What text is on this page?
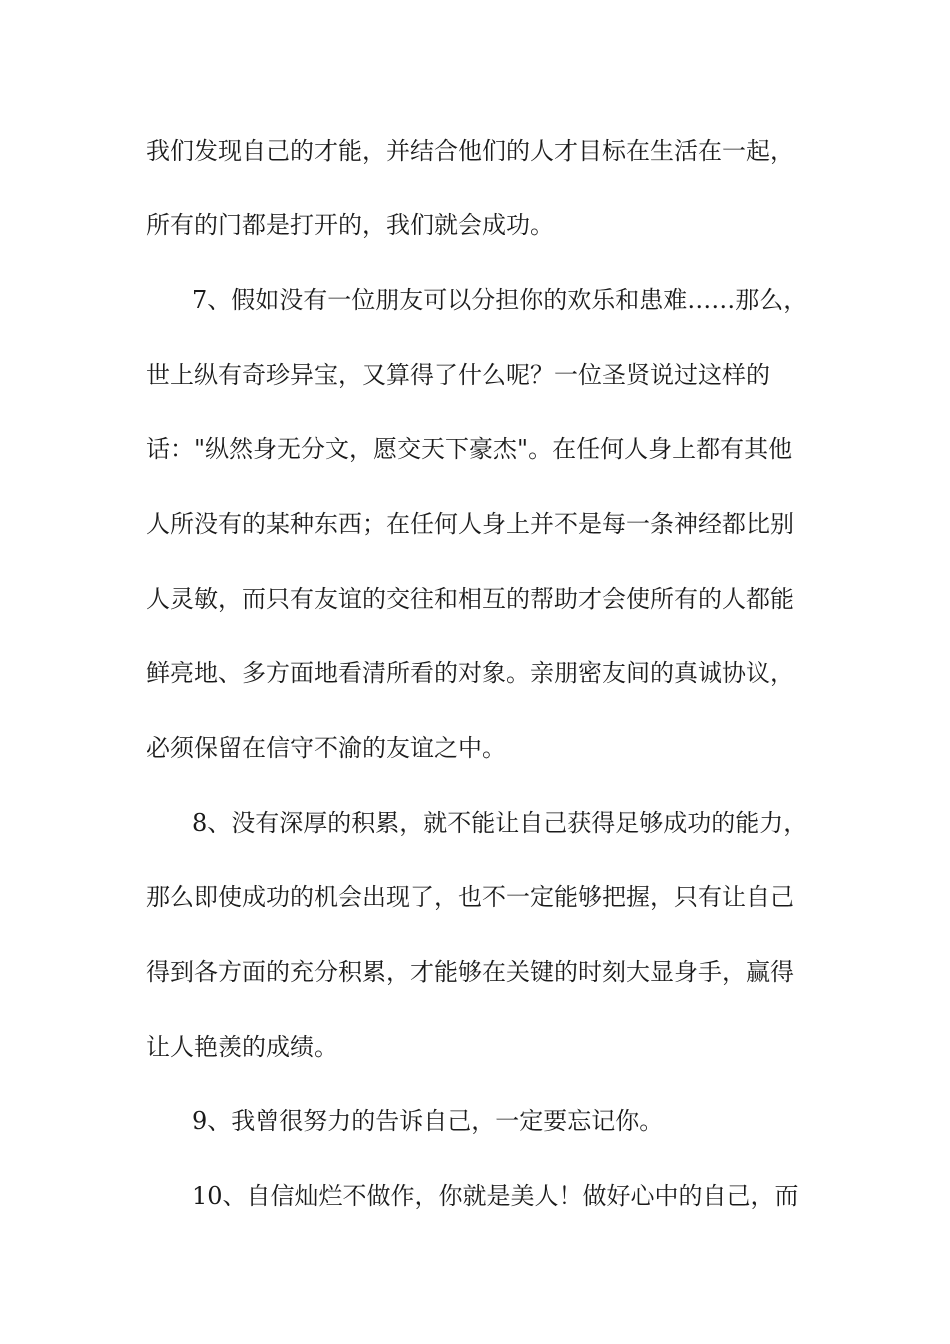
我们发现自己的才能，并结合他们的人才目标在生活在一起，
所有的门都是打开的，我们就会成功。
7、假如没有一位朋友可以分担你的欢乐和患难……那么，
世上纵有奇珍异宝，又算得了什么呢？一位圣贤说过这样的
话："纵然身无分文，愿交天下豪杰"。在任何人身上都有其他
人所没有的某种东西；在任何人身上并不是每一条神经都比别
人灵敏，而只有友谊的交往和相互的帮助才会使所有的人都能
鲜亮地、多方面地看清所看的对象。亲朋密友间的真诚协议，
必须保留在信守不渝的友谊之中。
8、没有深厚的积累，就不能让自己获得足够成功的能力，
那么即使成功的机会出现了，也不一定能够把握，只有让自己
得到各方面的充分积累，才能够在关键的时刻大显身手，赢得
让人艳羡的成绩。
9、我曾很努力的告诉自己，一定要忘记你。
10、自信灿烂不做作，你就是美人！做好心中的自己，而
